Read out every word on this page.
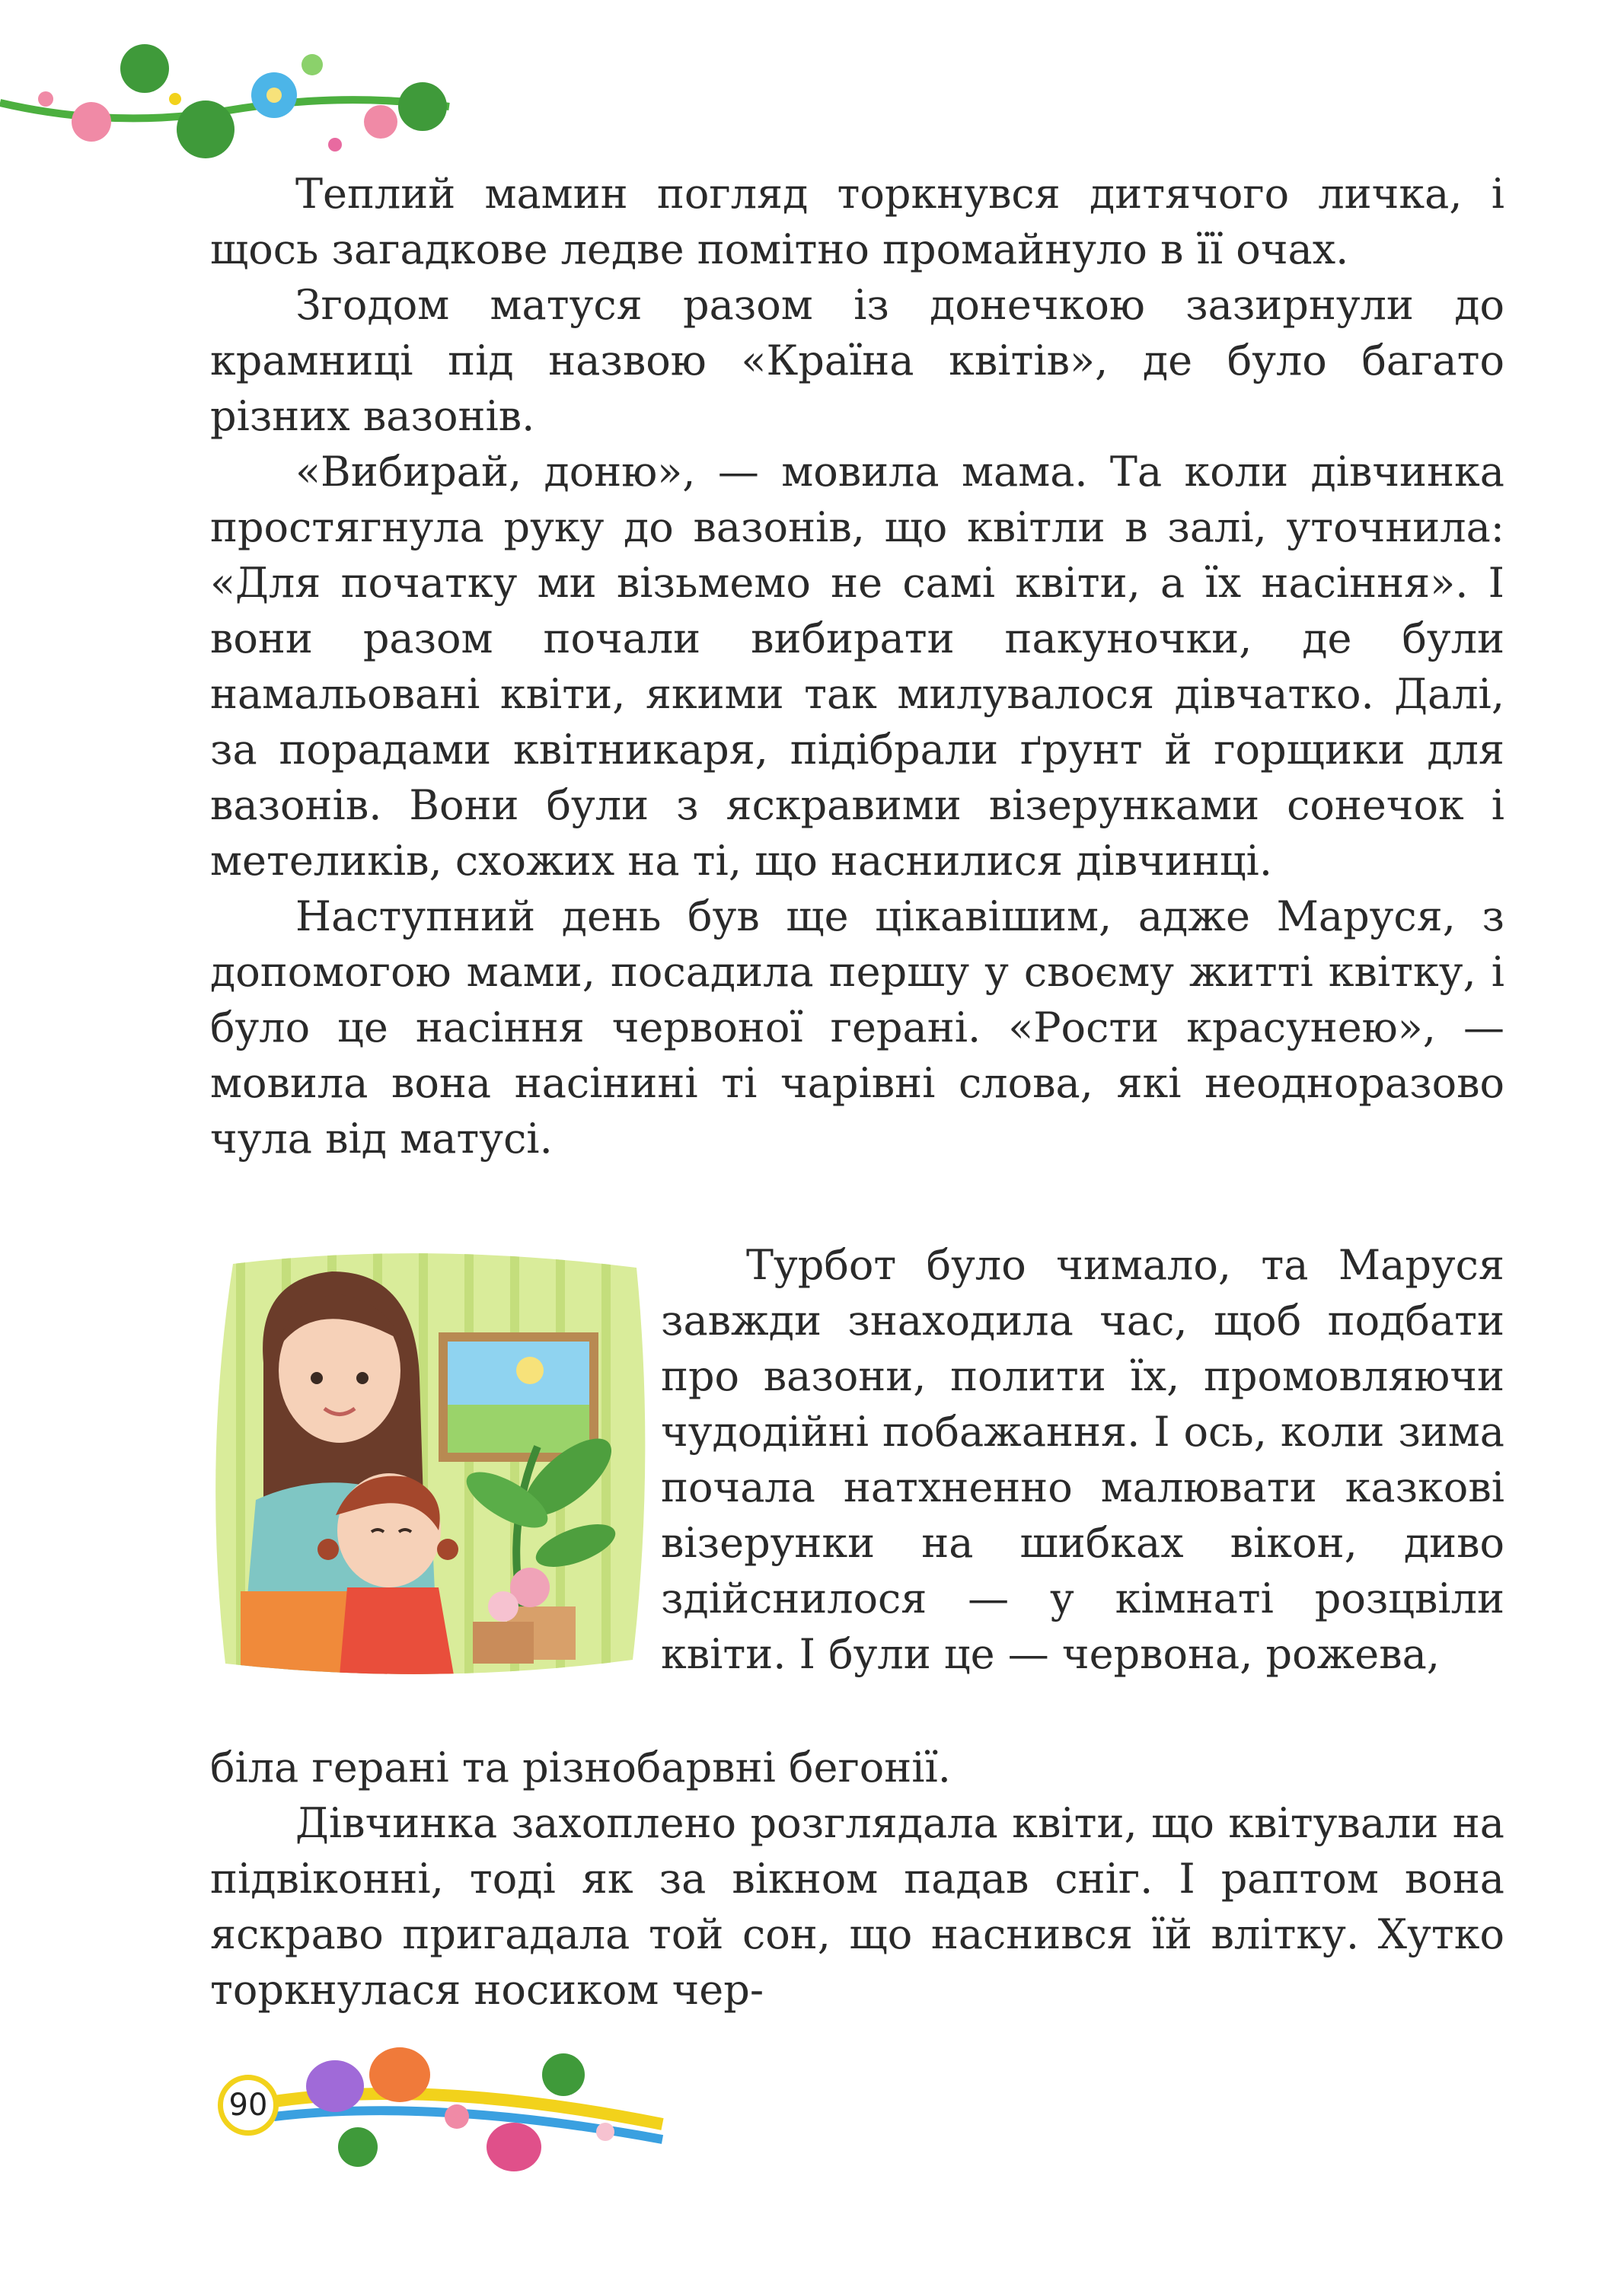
Теплий мамин погляд торкнувся дитячого личка, і щось загадкове ледве помітно промайнуло в її очах.

Згодом матуся разом із донечкою зазирнули до крамниці під назвою «Країна квітів», де було багато різних вазонів.

«Вибирай, доню», — мовила мама. Та коли дівчинка простягнула руку до вазонів, що квітли в залі, уточнила: «Для початку ми візьмемо не самі квіти, а їх насіння». І вони разом почали вибирати пакуночки, де були намальовані квіти, якими так милувалося дівчатко. Далі, за порадами квітникаря, підібрали ґрунт й горщики для вазонів. Вони були з яскравими візерунками сонечок і метеликів, схожих на ті, що наснилися дівчинці.

Наступний день був ще цікавішим, адже Маруся, з допомогою мами, посадила першу у своєму житті квітку, і було це насіння червоної герані. «Рости красунею», — мовила вона насінині ті чарівні слова, які неодноразово чула від матусі.

Турбот було чимало, та Маруся завжди знаходила час, щоб подбати про вазони, полити їх, промовляючи чудодійні побажання. І ось, коли зима почала натхненно малювати казкові візерунки на шибках вікон, диво здійснилося — у кімнаті розцвіли квіти. І були це — червона, рожева,

біла герані та різнобарвні бегонії.

Дівчинка захоплено розглядала квіти, що квітували на підвіконні, тоді як за вікном падав сніг. І раптом вона яскраво пригадала той сон, що наснився їй влітку. Хутко торкнулася носиком чер-

90
